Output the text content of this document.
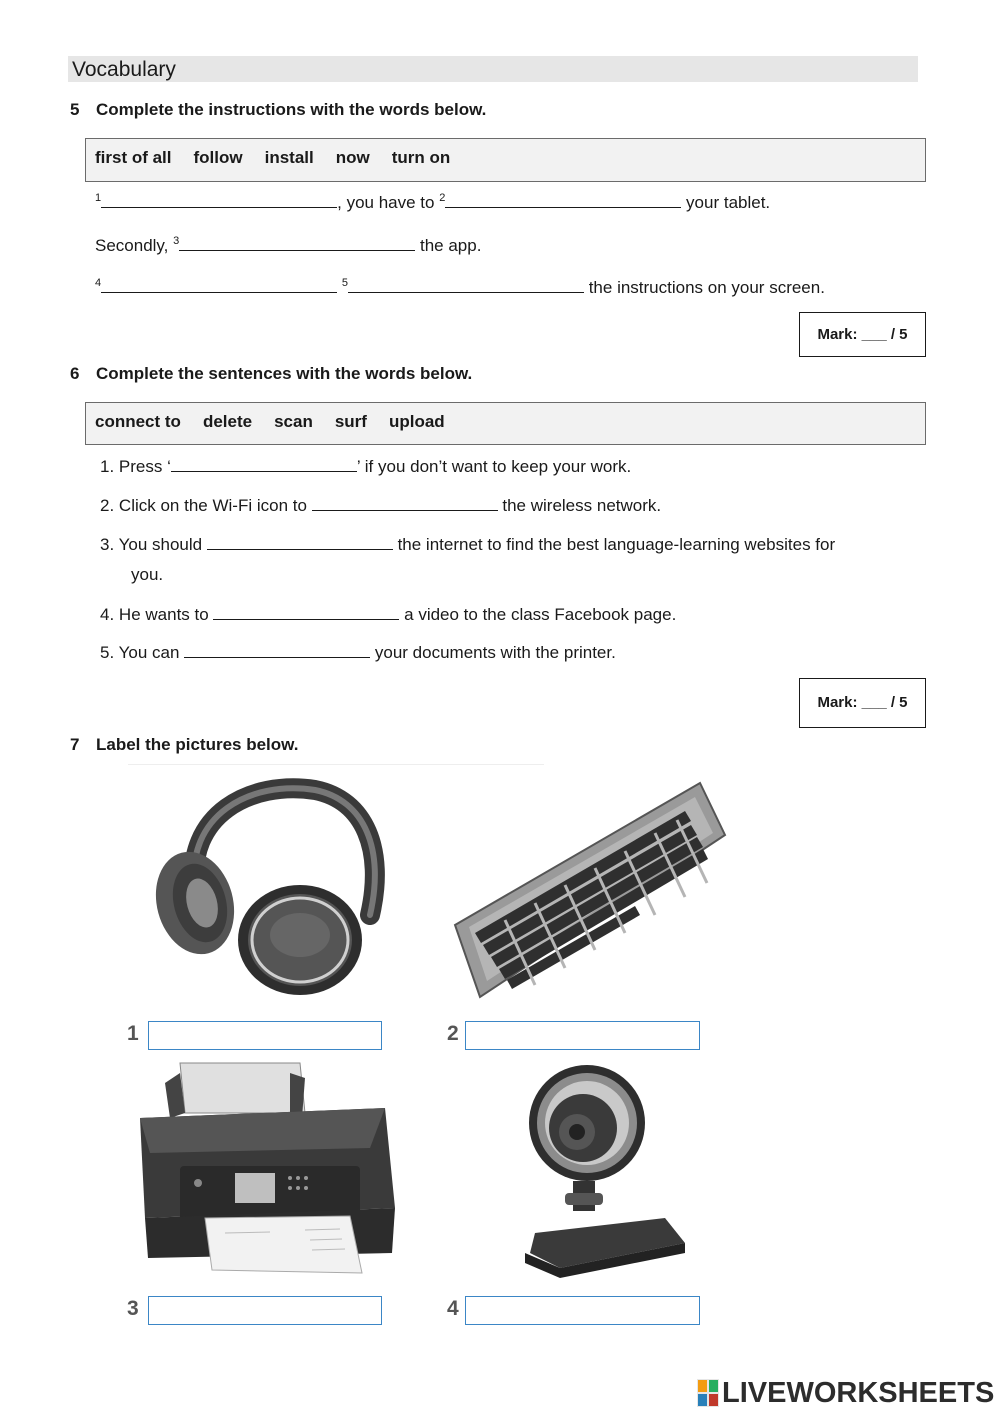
Vocabulary
5 Complete the instructions with the words below.
first of all follow install now turn on
$^1$	, you have to $^2$	your tablet.
Secondly, $^3$	the app.
$^4$	$^5$	the instructions on your screen.
Mark: ___ / 5
6 Complete the sentences with the words below.
connect to delete scan surf upload
1. Press ‘	’ if you don’t want to keep your work.
2. Click on the Wi-Fi icon to	the wireless network.
3. You should	the internet to find the best language-learning websites for
you.
4. He wants to	a video to the class Facebook page.
5. You can	your documents with the printer.
Mark: ___ / 5
7 Label the pictures below.
1	2
3	4
LIVEWORKSHEETS
